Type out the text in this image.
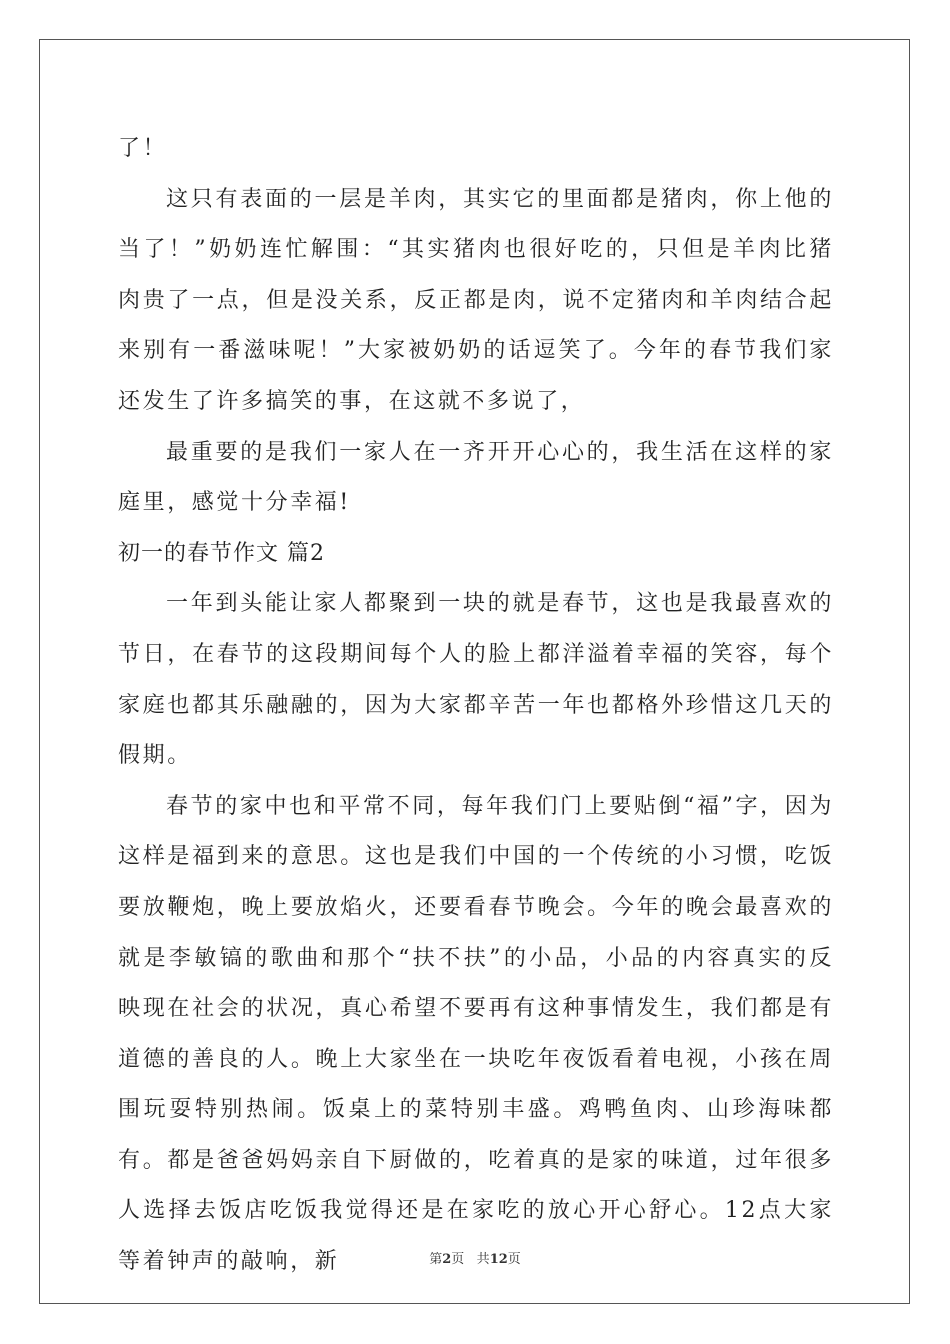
了！

这只有表面的一层是羊肉，其实它的里面都是猪肉，你上他的当了！”奶奶连忙解围：“其实猪肉也很好吃的，只但是羊肉比猪肉贵了一点，但是没关系，反正都是肉，说不定猪肉和羊肉结合起来别有一番滋味呢！”大家被奶奶的话逗笑了。今年的春节我们家还发生了许多搞笑的事，在这就不多说了，

最重要的是我们一家人在一齐开开心心的，我生活在这样的家庭里，感觉十分幸福!

初一的春节作文 篇2

一年到头能让家人都聚到一块的就是春节，这也是我最喜欢的节日，在春节的这段期间每个人的脸上都洋溢着幸福的笑容，每个家庭也都其乐融融的，因为大家都辛苦一年也都格外珍惜这几天的假期。

春节的家中也和平常不同，每年我们门上要贴倒“福”字，因为这样是福到来的意思。这也是我们中国的一个传统的小习惯，吃饭要放鞭炮，晚上要放焰火，还要看春节晚会。今年的晚会最喜欢的就是李敏镐的歌曲和那个“扶不扶”的小品，小品的内容真实的反映现在社会的状况，真心希望不要再有这种事情发生，我们都是有道德的善良的人。晚上大家坐在一块吃年夜饭看着电视，小孩在周围玩耍特别热闹。饭桌上的菜特别丰盛。鸡鸭鱼肉、山珍海味都有。都是爸爸妈妈亲自下厨做的，吃着真的是家的味道，过年很多人选择去饭店吃饭我觉得还是在家吃的放心开心舒心。12点大家等着钟声的敲响，新	第2页 共12页
